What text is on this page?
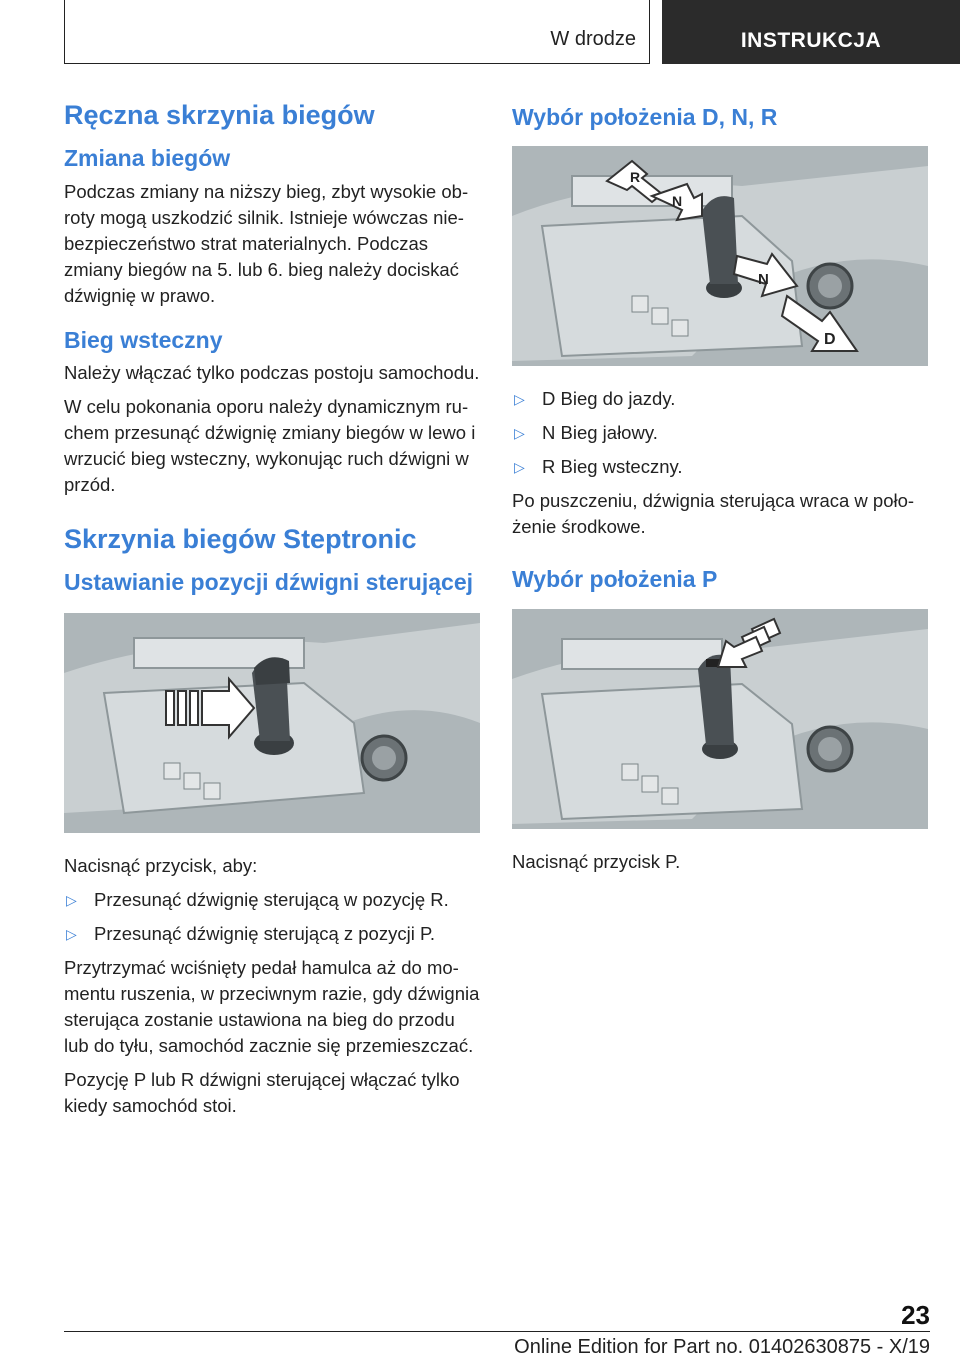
W drodze	INSTRUKCJA
Ręczna skrzynia biegów
Zmiana biegów

Podczas zmiany na niższy bieg, zbyt wysokie obroty mogą uszkodzić silnik. Istnieje wówczas niebezpieczeństwo strat materialnych. Podczas zmiany biegów na 5. lub 6. bieg należy dociskać dźwignię w prawo.

Bieg wsteczny

Należy włączać tylko podczas postoju samochodu.

W celu pokonania oporu należy dynamicznym ruchem przesunąć dźwignię zmiany biegów w lewo i wrzucić bieg wsteczny, wykonując ruch dźwigni w przód.

Skrzynia biegów Steptronic
Ustawianie pozycji dźwigni sterującej

Nacisnąć przycisk, aby:

▷ Przesunąć dźwignię sterującą w pozycję R.
▷ Przesunąć dźwignię sterującą z pozycji P.

Przytrzymać wciśnięty pedał hamulca aż do momentu ruszenia, w przeciwnym razie, gdy dźwignia sterująca zostanie ustawiona na bieg do przodu lub do tyłu, samochód zacznie się przemieszczać.

Pozycję P lub R dźwigni sterującej włączać tylko kiedy samochód stoi.

Wybór położenia D, N, R
R
N
N
D
▷ D Bieg do jazdy.
▷ N Bieg jałowy.
▷ R Bieg wsteczny.

Po puszczeniu, dźwignia sterująca wraca w położenie środkowe.

Wybór położenia P

Nacisnąć przycisk P.

23
Online Edition for Part no. 01402630875 - X/19
